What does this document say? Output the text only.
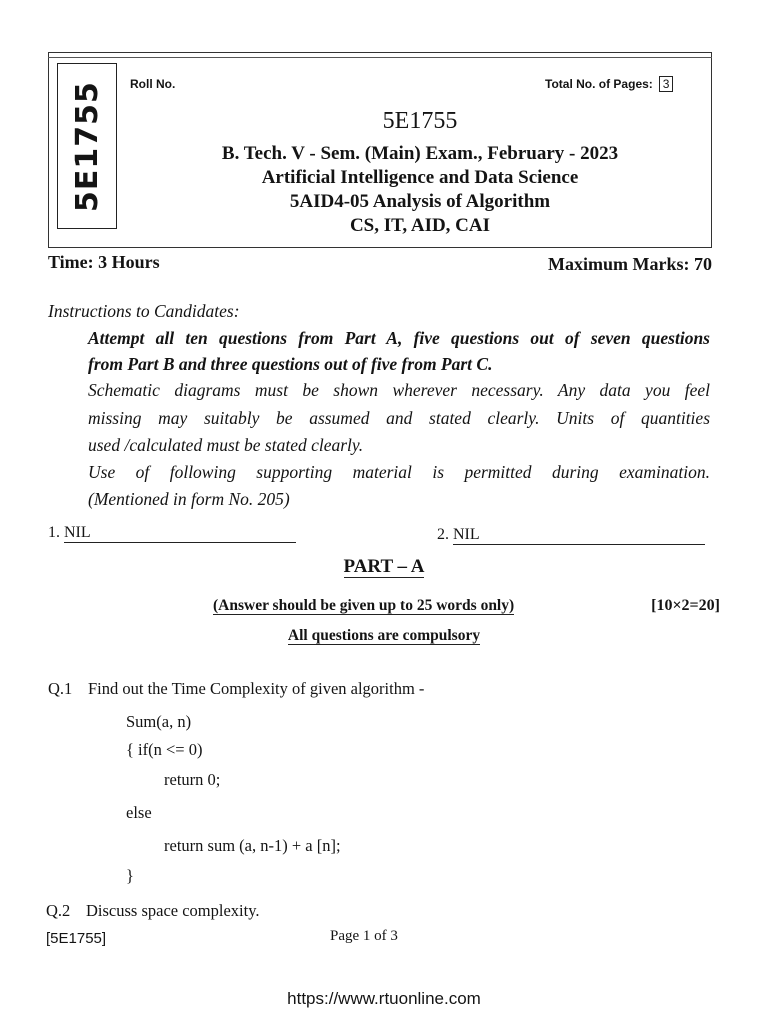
5E1755 Roll No.	Total No. of Pages: 3
5E1755
B. Tech. V - Sem. (Main) Exam., February - 2023
Artificial Intelligence and Data Science
5AID4-05 Analysis of Algorithm
CS, IT, AID, CAI
Time: 3 Hours	Maximum Marks: 70
Instructions to Candidates:
Attempt all ten questions from Part A, five questions out of seven questions
from Part B and three questions out of five from Part C.
Schematic diagrams must be shown wherever necessary. Any data you feel
missing may suitably be assumed and stated clearly. Units of quantities
used /calculated must be stated clearly.
Use of following supporting material is permitted during examination.
(Mentioned in form No. 205)
1. NIL	2. NIL
PART – A
(Answer should be given up to 25 words only)	[10×2=20]
All questions are compulsory
Q.1 Find out the Time Complexity of given algorithm -
Sum(a, n)
{ if(n <= 0)
return 0;
else
return sum (a, n-1) + a [n];
}
Q.2 Discuss space complexity.
[5E1755]	Page 1 of 3
https://www.rtuonline.com
